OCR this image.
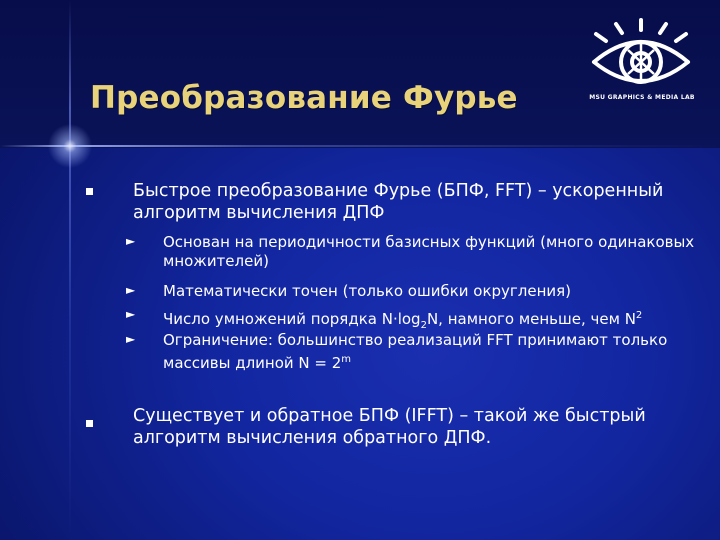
Преобразование Фурье	MSU GRAPHICS & MEDIA LAB
Быстрое преобразование Фурье (БПФ, FFT) – ускоренный алгоритм вычисления ДПФ
► Основан на периодичности базисных функций (много одинаковых множителей)
► Математически точен (только ошибки округления)
► Число умножений порядка $N\cdot\log_2N$, намного меньше, чем $N^2$
► Ограничение: большинство реализаций FFT принимают только массивы длиной $N = 2^m$
Существует и обратное БПФ (IFFT) – такой же быстрый алгоритм вычисления обратного ДПФ.
